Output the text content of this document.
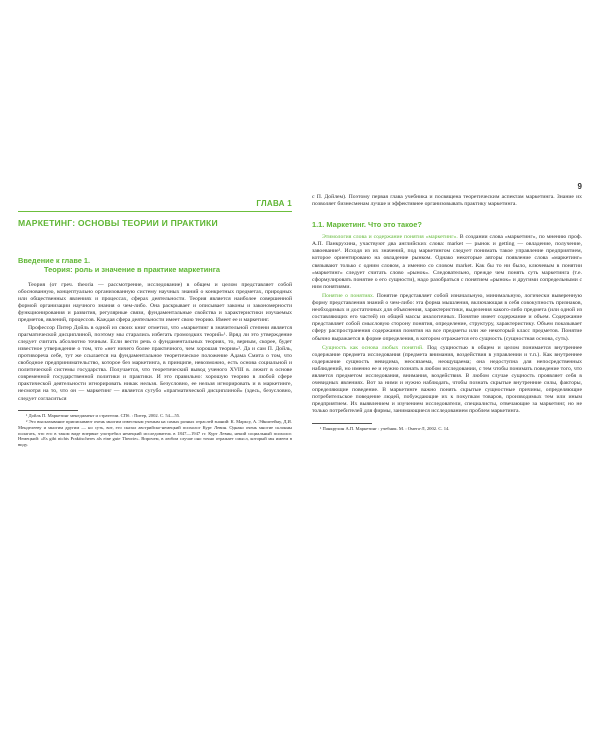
9
ГЛАВА 1
МАРКЕТИНГ: ОСНОВЫ ТЕОРИИ И ПРАКТИКИ
Введение к главе 1.
Теория: роль и значение в практике маркетинга

Теория (от греч. theoria — рассмотрение, исследование) в общем и целом представляет собой обоснованную, концептуально организованную систему научных знаний о конкретных предметах, природных или общественных явлениях и процессах, сферах деятельности. Теория является наиболее совершенной формой организации научного знания о чем-либо. Она раскрывает и описывает законы и закономерности функционирования и развития, регулярные связи, фундаментальные свойства и характеристики изучаемых предметов, явлений, процессов. Каждая сфера деятельности имеет свою теорию. Имеет ее и маркетинг.

Профессор Питер Дойль в одной из своих книг отметил, что «маркетинг в значительной степени является прагматической дисциплиной, поэтому мы старались избегать громоздких теорий»¹. Вряд ли это утверждение следует считать абсолютно точным. Если вести речь о фундаментальных теориях, то, верным, скорее, будет известное утверждение о том, что «нет ничего более практичного, чем хорошая теория»². Да и сам П. Дойль, противореча себе, тут же ссылается на фундаментальное теоретическое положение Адама Смита о том, что свободное предпринимательство, которое без маркетинга, в принципе, невозможно, есть основа социальной и политической системы государства. Получается, что теоретический вывод ученого XVIII в. лежит в основе современной государственной политики и практики. И это правильно: хорошую теорию в любой сфере практической деятельности игнорировать никак нельзя. Безусловно, ее нельзя игнорировать и в маркетинге, несмотря на то, что он — маркетинг — является сугубо «прагматической дисциплиной» (здесь, безусловно, следует согласиться

¹ Дойль П. Маркетинг менеджмент и стратегии. СПб. : Питер, 2002. С. 54—55.

² Это высказывание приписывают очень многим известным ученым на самых разных отраслей знаний: К. Марксу, А. Эйнштейну, Д.И. Менделееву и многим другим — но суть, вот, его сказал австрийско-немецкий психолог Курт Левин. Однако очень многие склонны полагать, что его в таком виде впервые употребил немецкий исследователь в 1847—1947 гг. Курт Левин, некий социальный психолог. Немецкий: «Es gibt nichts Praktischeres als eine gute Theorie». Впрочем, в любом случае оно точно отражает смысл, который мы имеем в виду.

с П. Дойлем). Поэтому первая глава учебника и посвящена теоретическим аспектам маркетинга. Знание их позволяет бизнесменам лучше и эффективнее организовывать практику маркетинга.

1.1. Маркетинг. Что это такое?

Этимология слова и содержание понятия «маркетинг». В создании слова «маркетинг», по мнению проф. А.П. Панкрухина, участвуют два английских слова: market — рынок и getting — овладение, получение, завоевание¹. Исходя из их значений, под маркетингом следует понимать такое управление предприятием, которое ориентировано на овладение рынком. Однако некоторые авторы появление слова «маркетинг» связывают только с одним словом, а именно со словом market. Как бы то ни было, ключевым в понятии «маркетинг» следует считать слово «рынок». Следовательно, прежде чем понять суть маркетинга (т.е. сформулировать понятие о его сущности), надо разобраться с понятием «рынок» и другими сопредельными с ним понятиями.

Понятие о понятиях. Понятие представляет собой изначальную, минимальную, логически выверенную форму представления знаний о чем-либо: эта форма мышления, включающая в себя совокупность признаков, необходимых и достаточных для объяснения, характеристики, выделения какого-либо предмета (или одной из составляющих его частей) из общей массы аналогичных. Понятие имеет содержание и объем. Содержание представляет собой смысловую сторону понятия, определение, структуру, характеристику. Объем показывает сферу распространения содержания понятия на все предметы или же некоторый класс предметов. Понятие обычно выражается в форме определения, в котором отражается его сущность (сущностная основа, суть).

Сущность как основа любых понятий. Под сущностью в общем и целом понимается внутреннее содержание предмета исследования (предмета внимания, воздействия в управлении и т.п.). Как внутреннее содержание сущность невидима, неосязаема, неощущаема; она недоступна для непосредственных наблюдений, но именно ее и нужно познать в любом исследовании, с тем чтобы понимать поведение того, что является предметом исследования, внимания, воздействия. В любом случае сущность проявляет себя в очевидных явлениях. Вот за ними и нужно наблюдать, чтобы познать скрытые внутренние силы, факторы, определяющие поведение. В маркетинге важно понять скрытые сущностные причины, определяющие потребительское поведение людей, побуждающие их к покупкам товаров, производимых тем или иным предприятием. Их выявлением и изучением исследователи, специалисты, отвечающие за маркетинг, но не только потребителей для фирмы, занимающиеся исследованием проблем маркетинга.

¹ Панкрухин А.П. Маркетинг : учебник. М. : Омега-Л, 2002. С. 14.
